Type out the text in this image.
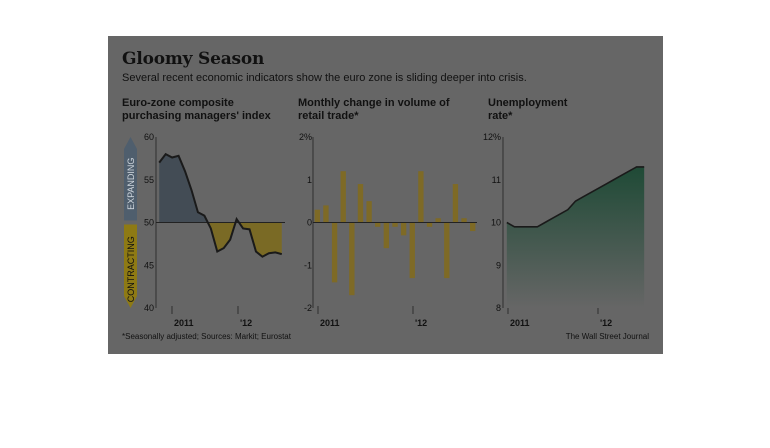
Gloomy Season
Several recent economic indicators show the euro zone is sliding deeper into crisis.
Euro-zone composite
purchasing managers' index
Monthly change in volume of
retail trade*
Unemployment
rate*
40
45
50
55
60
2011	'12
EXPANDING
CONTRACTING
-2
-1
0
1
2%
2011	'12
8
9
10
11
12%
2011	'12
*Seasonally adjusted; Sources: Markit; Eurostat	The Wall Street Journal
